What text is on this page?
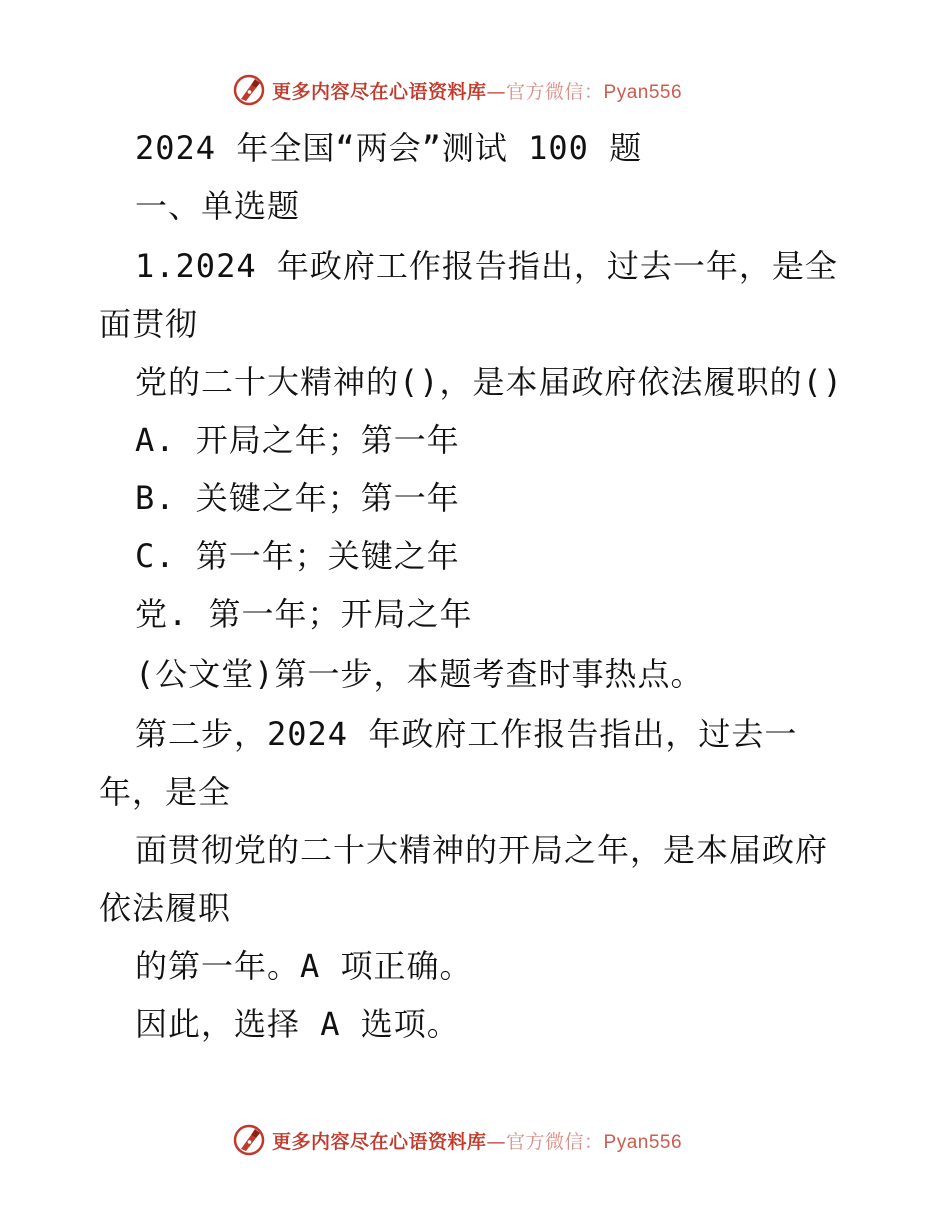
更多内容尽在心语资料库—官方微信：Pyan556
2024 年全国“两会”测试 100 题
一、单选题
1.2024 年政府工作报告指出，过去一年，是全
面贯彻
党的二十大精神的()，是本届政府依法履职的()
A. 开局之年；第一年
B. 关键之年；第一年
C. 第一年；关键之年
党. 第一年；开局之年
(公文堂)第一步，本题考查时事热点。
第二步，2024 年政府工作报告指出，过去一
年，是全
面贯彻党的二十大精神的开局之年，是本届政府
依法履职
的第一年。A 项正确。
因此，选择 A 选项。
更多内容尽在心语资料库—官方微信：Pyan556
